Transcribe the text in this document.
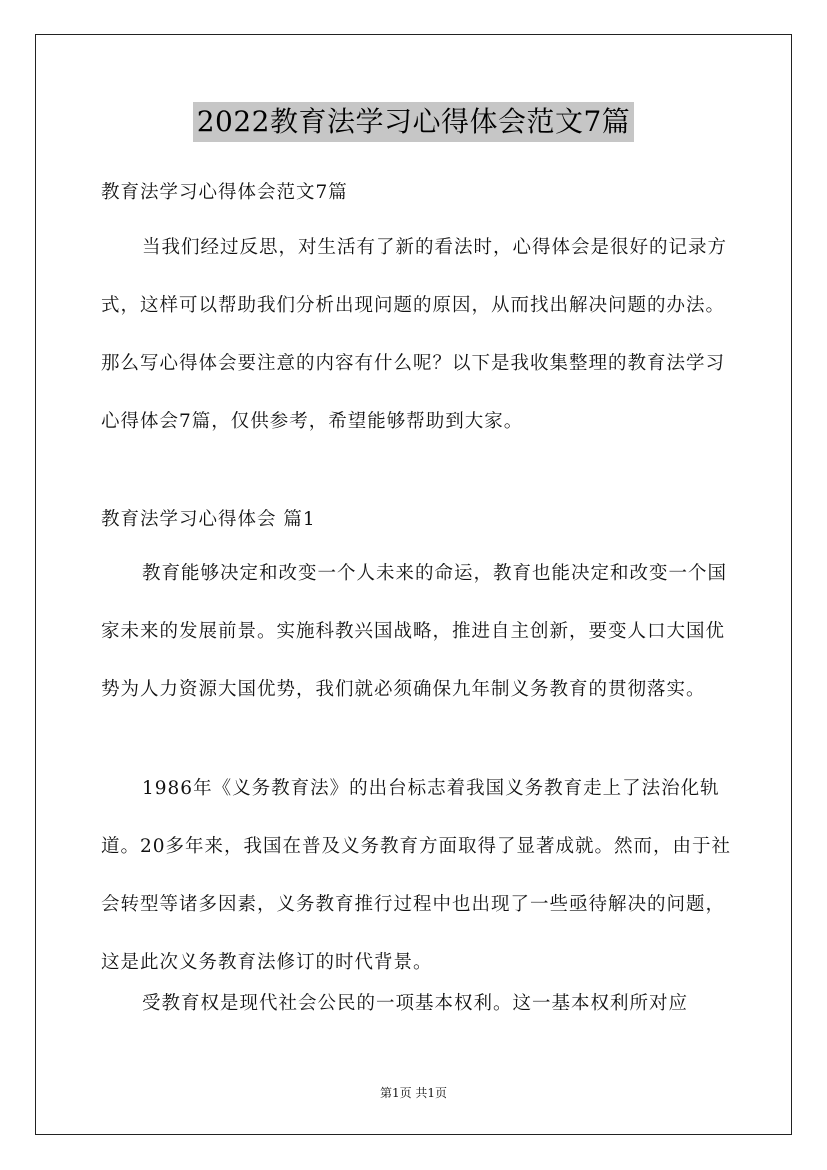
2022教育法学习心得体会范文7篇

教育法学习心得体会范文7篇

当我们经过反思，对生活有了新的看法时，心得体会是很好的记录方式，这样可以帮助我们分析出现问题的原因，从而找出解决问题的办法。那么写心得体会要注意的内容有什么呢？以下是我收集整理的教育法学习心得体会7篇，仅供参考，希望能够帮助到大家。

教育法学习心得体会 篇1

教育能够决定和改变一个人未来的命运，教育也能决定和改变一个国家未来的发展前景。实施科教兴国战略，推进自主创新，要变人口大国优势为人力资源大国优势，我们就必须确保九年制义务教育的贯彻落实。

1986年《义务教育法》的出台标志着我国义务教育走上了法治化轨道。20多年来，我国在普及义务教育方面取得了显著成就。然而，由于社会转型等诸多因素，义务教育推行过程中也出现了一些亟待解决的问题，这是此次义务教育法修订的时代背景。

受教育权是现代社会公民的一项基本权利。这一基本权利所对应

第1页 共1页
